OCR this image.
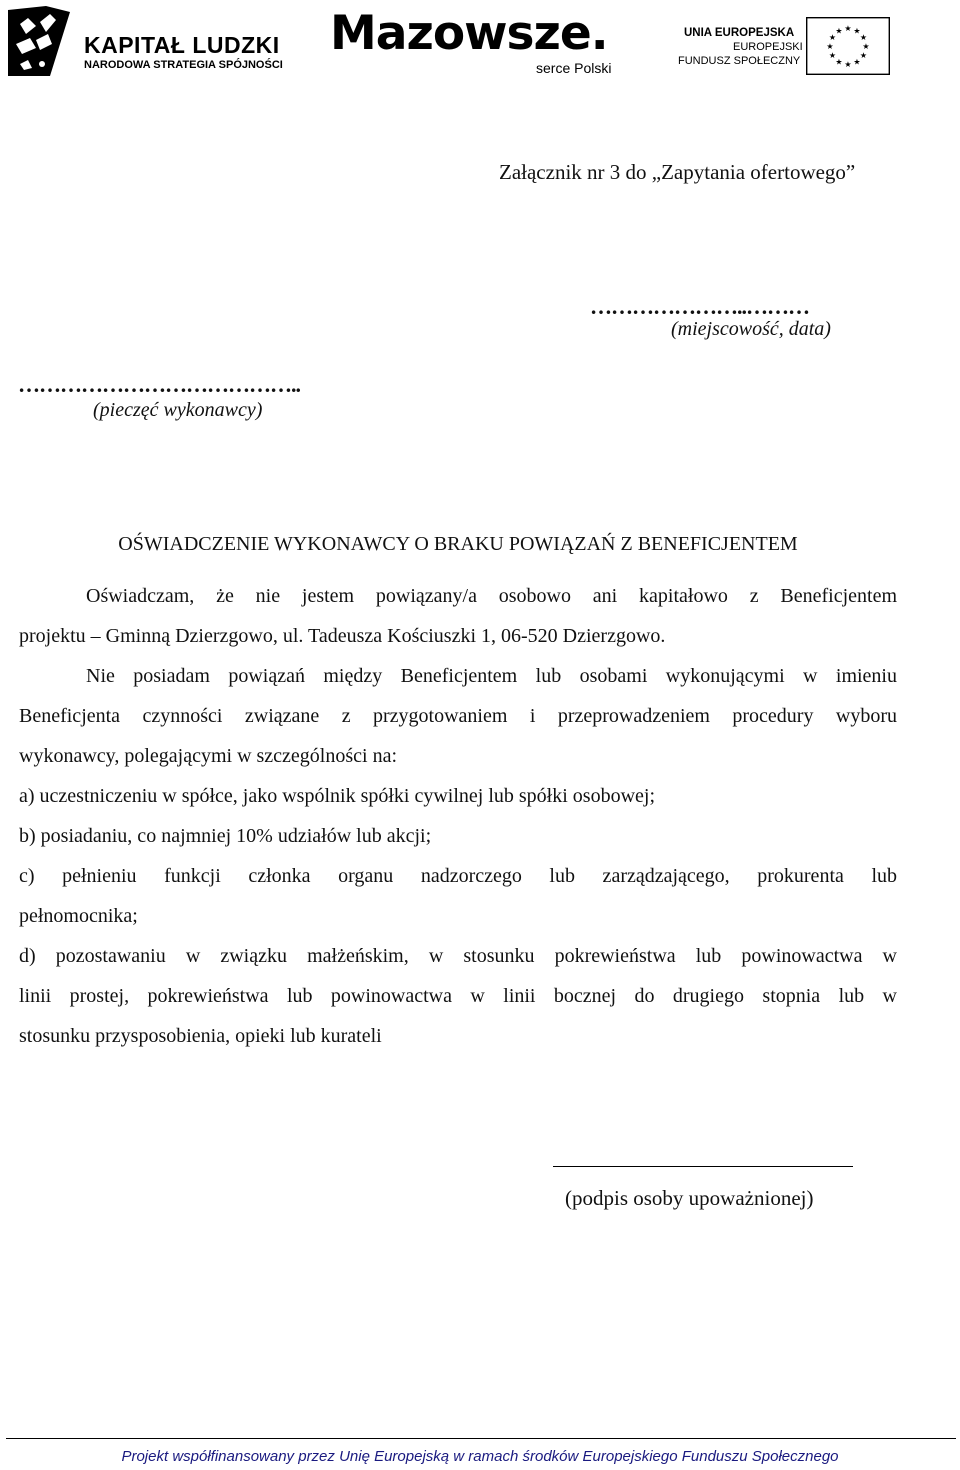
KAPITAŁ LUDZKI
NARODOWA STRATEGIA SPÓJNOŚCI
Mazowsze.
serce Polski
UNIA EUROPEJSKA
EUROPEJSKI
FUNDUSZ SPOŁECZNY
★ ★
★
★
★
★
★
★
★
★
★
★
Załącznik nr 3 do „Zapytania ofertowego”
…………………..………
(miejscowość, data)
…………………………………..
(pieczęć wykonawcy)
OŚWIADCZENIE WYKONAWCY O BRAKU POWIĄZAŃ Z BENEFICJENTEM
Oświadczam, że nie jestem powiązany/a osobowo ani kapitałowo z Beneficjentem
projektu – Gminną Dzierzgowo, ul. Tadeusza Kościuszki 1, 06-520 Dzierzgowo.
Nie posiadam powiązań między Beneficjentem lub osobami wykonującymi w imieniu
Beneficjenta czynności związane z przygotowaniem i przeprowadzeniem procedury wyboru
wykonawcy, polegającymi w szczególności na:
a) uczestniczeniu w spółce, jako wspólnik spółki cywilnej lub spółki osobowej;
b) posiadaniu, co najmniej 10% udziałów lub akcji;
c) pełnieniu funkcji członka organu nadzorczego lub zarządzającego, prokurenta lub
pełnomocnika;
d) pozostawaniu w związku małżeńskim, w stosunku pokrewieństwa lub powinowactwa w
linii prostej, pokrewieństwa lub powinowactwa w linii bocznej do drugiego stopnia lub w
stosunku przysposobienia, opieki lub kurateli
(podpis osoby upoważnionej)
Projekt współfinansowany przez Unię Europejską w ramach środków Europejskiego Funduszu Społecznego
